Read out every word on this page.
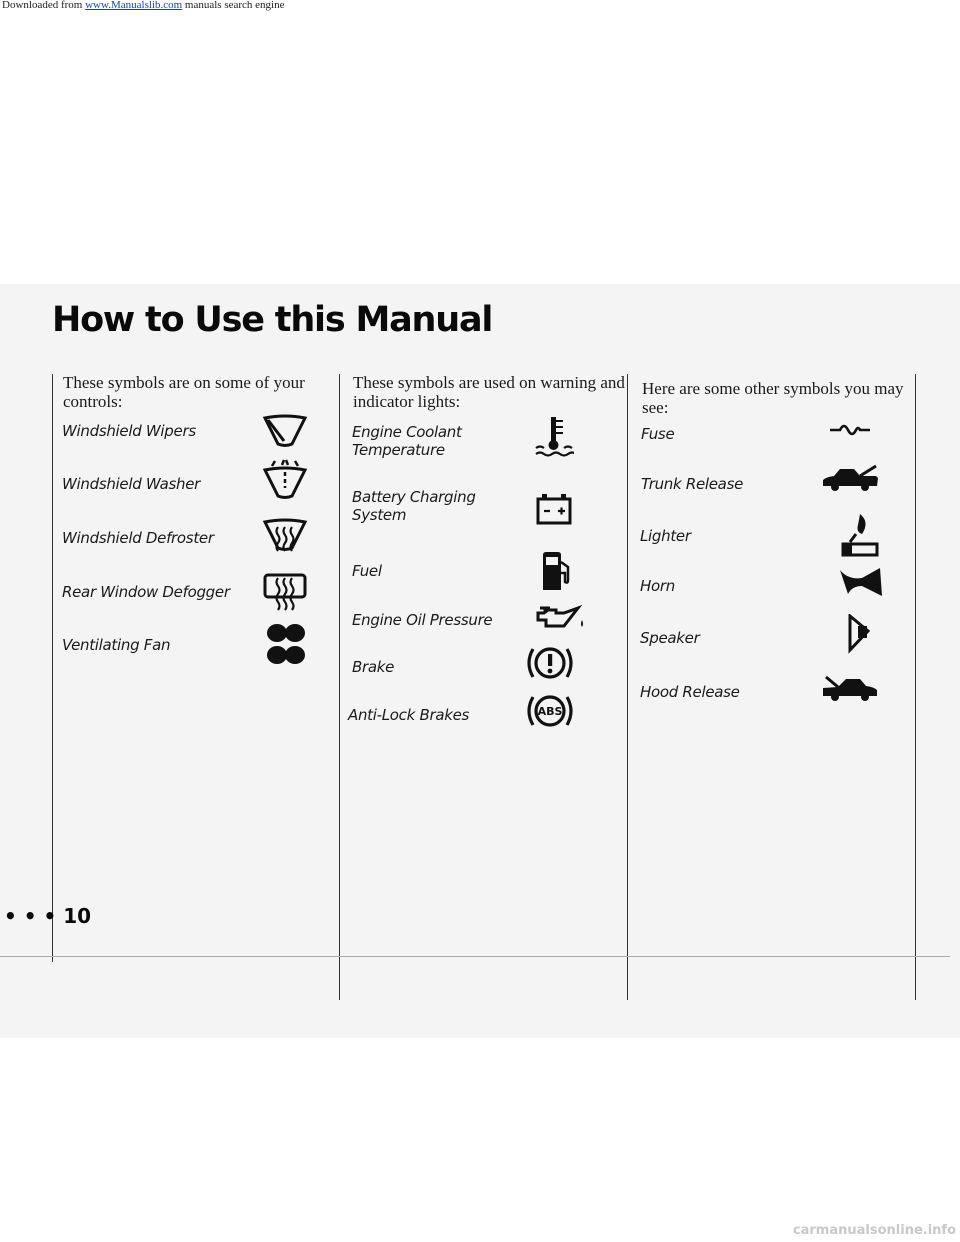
Downloaded from www.Manualslib.com manuals search engine
How to Use this Manual
These symbols are on some of your controls:
Windshield Wipers
Windshield Washer
Windshield Defroster
Rear Window Defogger
Ventilating Fan
These symbols are used on warning and indicator lights:
Engine Coolant Temperature
Battery Charging System
Fuel
Engine Oil Pressure
Brake
Anti-Lock Brakes	ABS
Here are some other symbols you may see:
Fuse
Trunk Release
Lighter
Horn
Speaker
Hood Release
• • • 10
carmanualsonline.info
